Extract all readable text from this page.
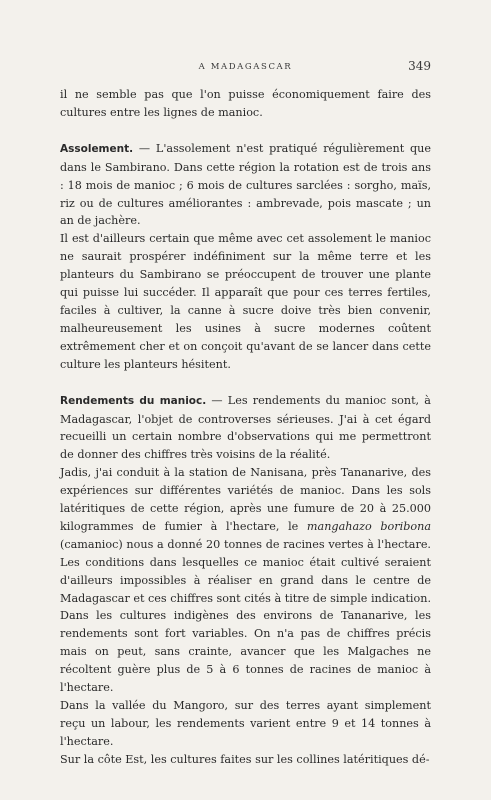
A MADAGASCAR	349

il ne semble pas que l'on puisse économiquement faire des cultures entre les lignes de manioc.

Assolement. — L'assolement n'est pratiqué régulièrement que dans le Sambirano. Dans cette région la rotation est de trois ans : 18 mois de manioc ; 6 mois de cultures sarclées : sorgho, maïs, riz ou de cultures améliorantes : ambrevade, pois mascate ; un an de jachère.

Il est d'ailleurs certain que même avec cet assolement le manioc ne saurait prospérer indéfiniment sur la même terre et les planteurs du Sambirano se préoccupent de trouver une plante qui puisse lui succéder. Il apparaît que pour ces terres fertiles, faciles à cultiver, la canne à sucre doive très bien convenir, malheureusement les usines à sucre modernes coûtent extrêmement cher et on conçoit qu'avant de se lancer dans cette culture les planteurs hésitent.

Rendements du manioc. — Les rendements du manioc sont, à Madagascar, l'objet de controverses sérieuses. J'ai à cet égard recueilli un certain nombre d'observations qui me permettront de donner des chiffres très voisins de la réalité.

Jadis, j'ai conduit à la station de Nanisana, près Tananarive, des expériences sur différentes variétés de manioc. Dans les sols latéritiques de cette région, après une fumure de 20 à 25.000 kilogrammes de fumier à l'hectare, le mangahazo boribona (camanioc) nous a donné 20 tonnes de racines vertes à l'hectare. Les conditions dans lesquelles ce manioc était cultivé seraient d'ailleurs impossibles à réaliser en grand dans le centre de Madagascar et ces chiffres sont cités à titre de simple indication.

Dans les cultures indigènes des environs de Tananarive, les rendements sont fort variables. On n'a pas de chiffres précis mais on peut, sans crainte, avancer que les Malgaches ne récoltent guère plus de 5 à 6 tonnes de racines de manioc à l'hectare.

Dans la vallée du Mangoro, sur des terres ayant simplement reçu un labour, les rendements varient entre 9 et 14 tonnes à l'hectare.

Sur la côte Est, les cultures faites sur les collines latéritiques dé-
